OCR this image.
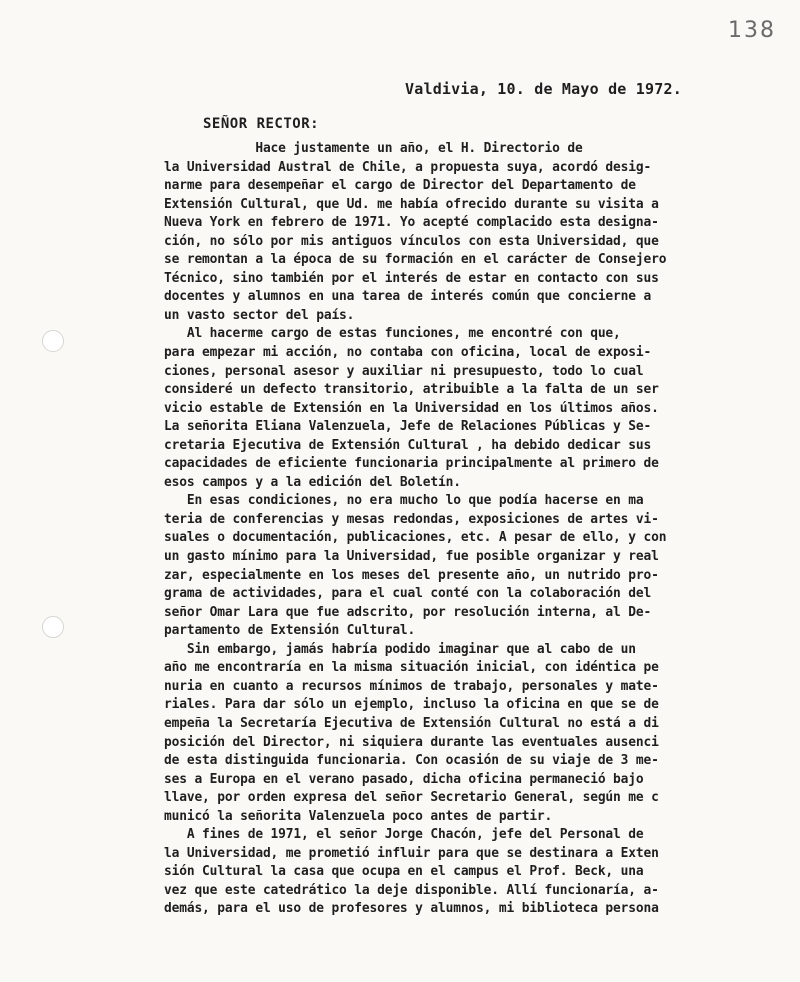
138
Valdivia, 10. de Mayo de 1972.
SEÑOR RECTOR:
Hace justamente un año, el H. Directorio de
la Universidad Austral de Chile, a propuesta suya, acordó desig-
narme para desempeñar el cargo de Director del Departamento de
Extensión Cultural, que Ud. me había ofrecido durante su visita a
Nueva York en febrero de 1971. Yo acepté complacido esta designa-
ción, no sólo por mis antiguos vínculos con esta Universidad, que
se remontan a la época de su formación en el carácter de Consejero
Técnico, sino también por el interés de estar en contacto con sus
docentes y alumnos en una tarea de interés común que concierne a
un vasto sector del país.
Al hacerme cargo de estas funciones, me encontré con que,
para empezar mi acción, no contaba con oficina, local de exposi-
ciones, personal asesor y auxiliar ni presupuesto, todo lo cual
consideré un defecto transitorio, atribuible a la falta de un ser
vicio estable de Extensión en la Universidad en los últimos años.
La señorita Eliana Valenzuela, Jefe de Relaciones Públicas y Se-
cretaria Ejecutiva de Extensión Cultural , ha debido dedicar sus
capacidades de eficiente funcionaria principalmente al primero de
esos campos y a la edición del Boletín.
En esas condiciones, no era mucho lo que podía hacerse en ma
teria de conferencias y mesas redondas, exposiciones de artes vi-
suales o documentación, publicaciones, etc. A pesar de ello, y con
un gasto mínimo para la Universidad, fue posible organizar y real
zar, especialmente en los meses del presente año, un nutrido pro-
grama de actividades, para el cual conté con la colaboración del
señor Omar Lara que fue adscrito, por resolución interna, al De-
partamento de Extensión Cultural.
Sin embargo, jamás habría podido imaginar que al cabo de un
año me encontraría en la misma situación inicial, con idéntica pe
nuria en cuanto a recursos mínimos de trabajo, personales y mate-
riales. Para dar sólo un ejemplo, incluso la oficina en que se de
empeña la Secretaría Ejecutiva de Extensión Cultural no está a di
posición del Director, ni siquiera durante las eventuales ausenci
de esta distinguida funcionaria. Con ocasión de su viaje de 3 me-
ses a Europa en el verano pasado, dicha oficina permaneció bajo
llave, por orden expresa del señor Secretario General, según me c
municó la señorita Valenzuela poco antes de partir.
A fines de 1971, el señor Jorge Chacón, jefe del Personal de
la Universidad, me prometió influir para que se destinara a Exten
sión Cultural la casa que ocupa en el campus el Prof. Beck, una
vez que este catedrático la deje disponible. Allí funcionaría, a-
demás, para el uso de profesores y alumnos, mi biblioteca persona
